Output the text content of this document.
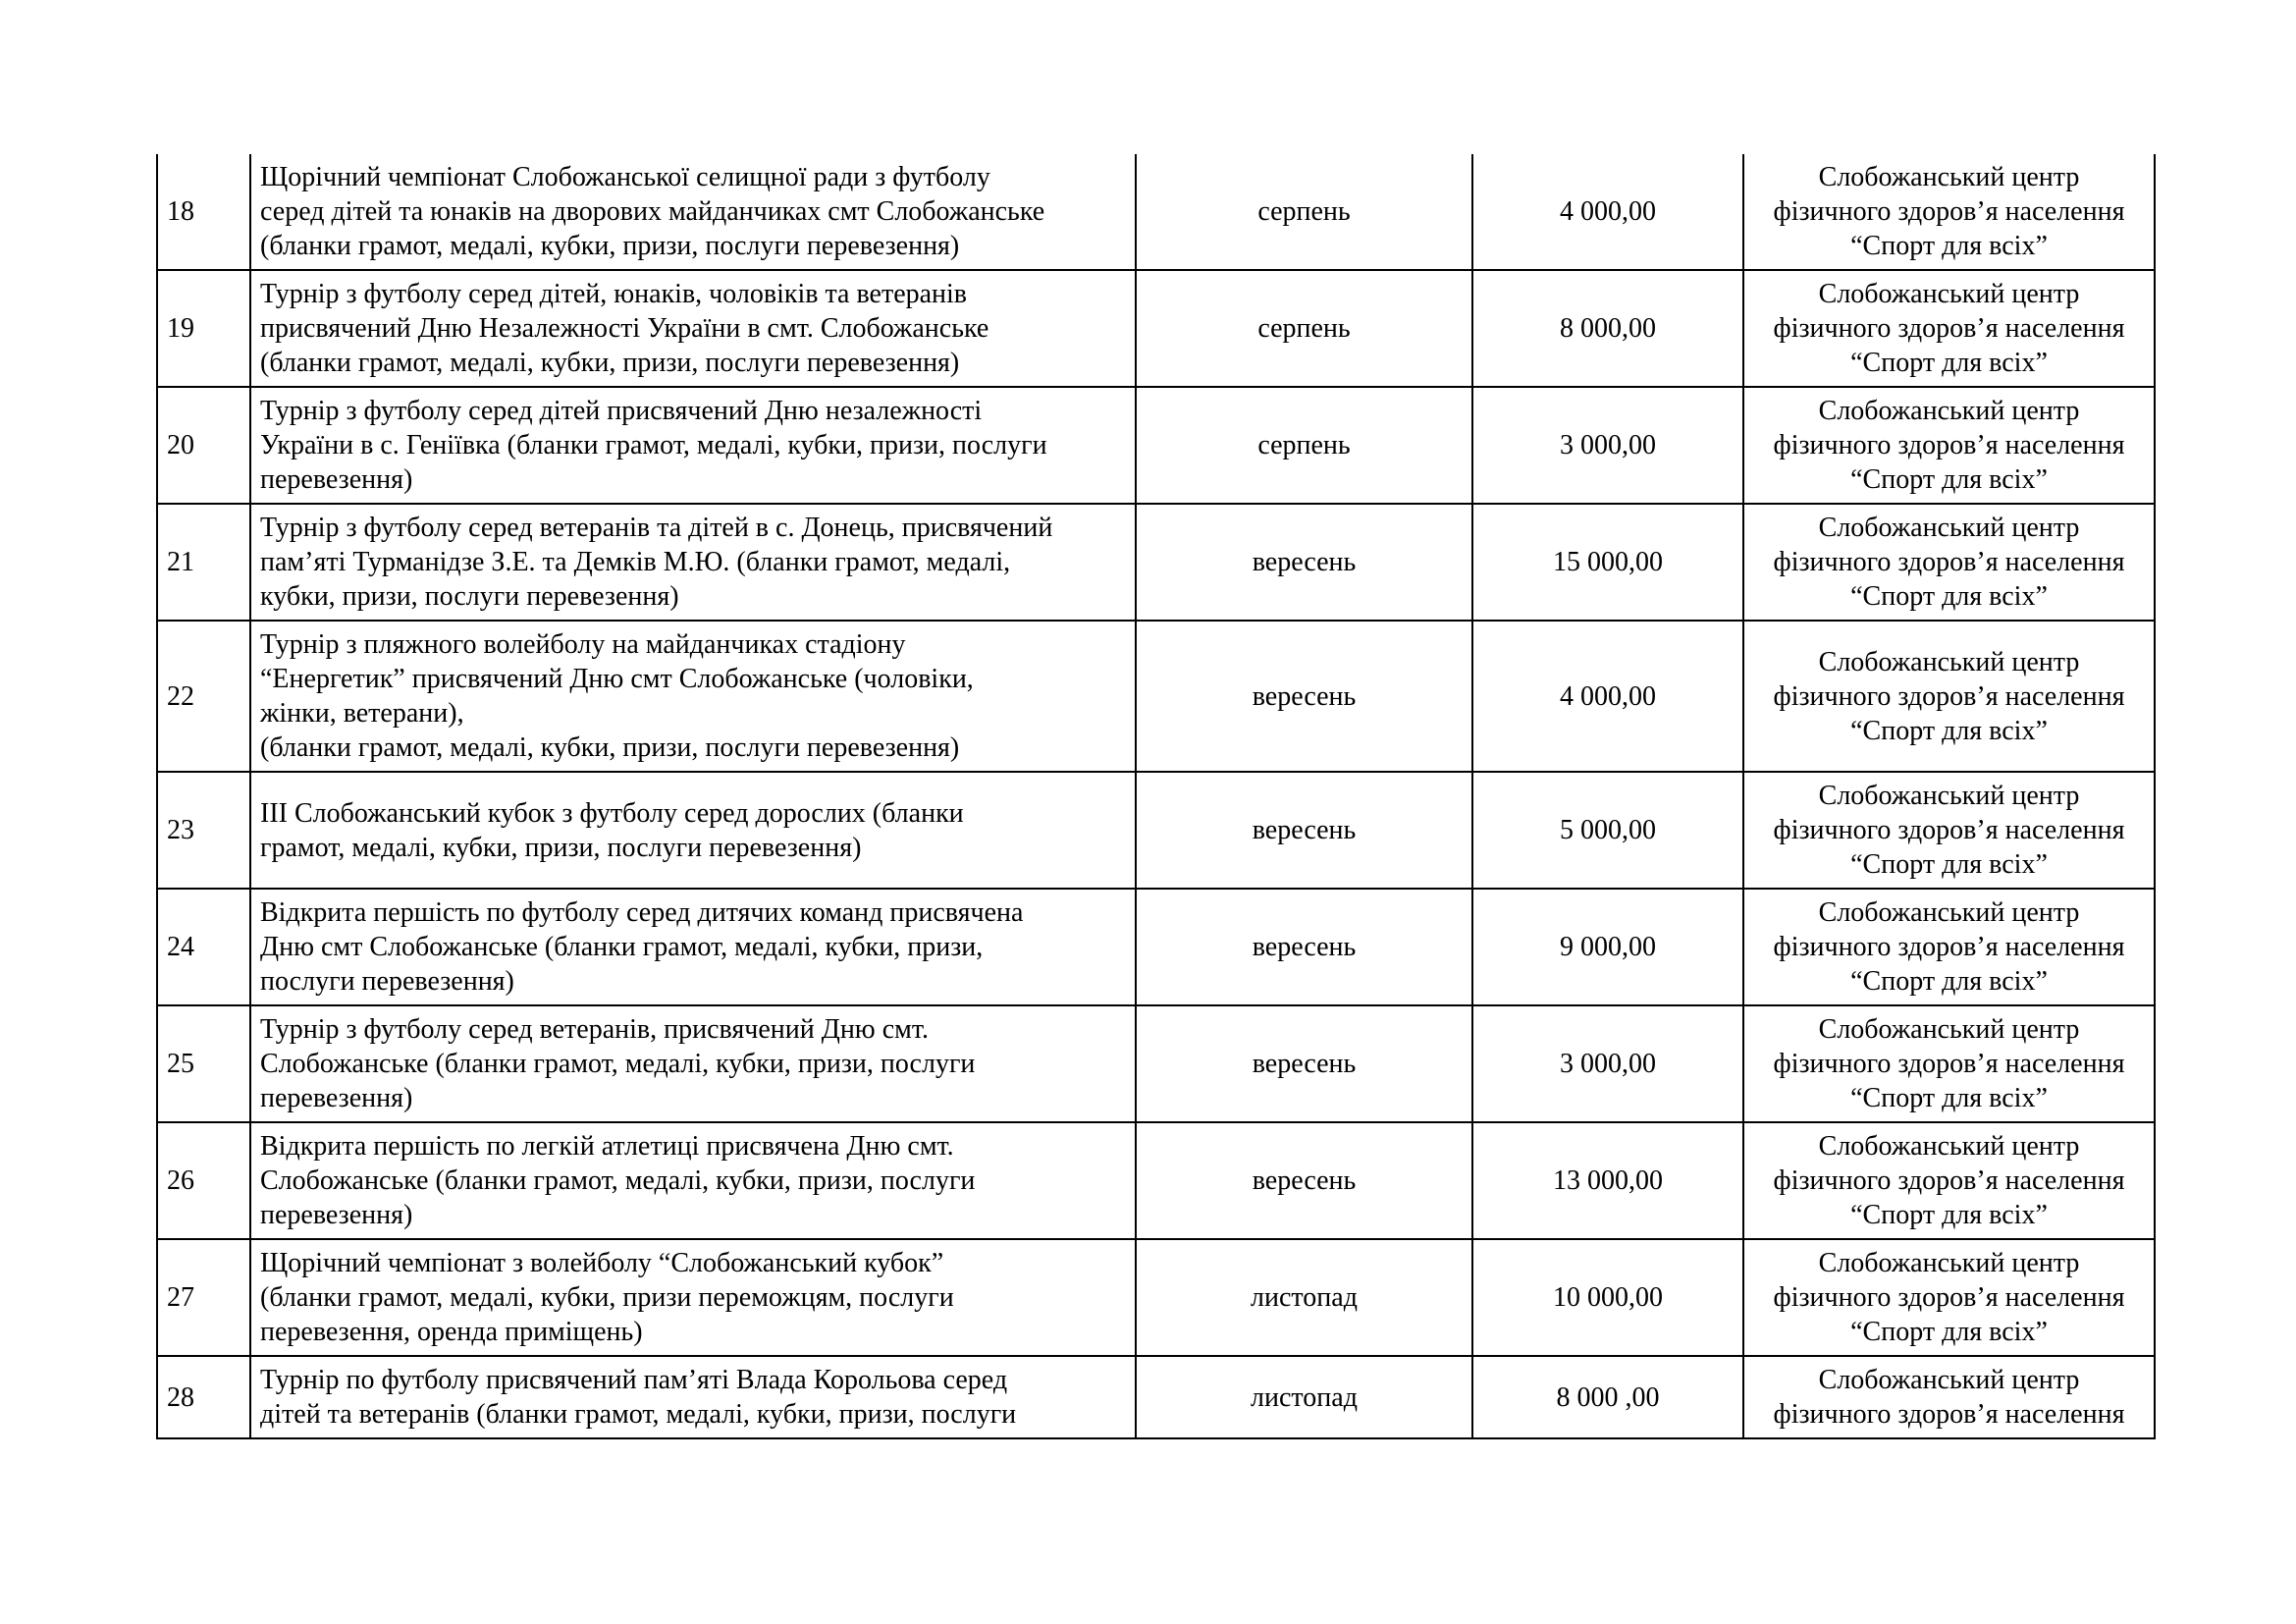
18	Щорічний чемпіонат Слобожанської селищної ради з футболу
серед дітей та юнаків на дворових майданчиках смт Слобожанське
(бланки грамот, медалі, кубки, призи, послуги перевезення)	серпень	4 000,00	Слобожанський центр
фізичного здоров’я населення
“Спорт для всіх”

19	Турнір з футболу серед дітей, юнаків, чоловіків та ветеранів
присвячений Дню Незалежності України в смт. Слобожанське
(бланки грамот, медалі, кубки, призи, послуги перевезення)	серпень	8 000,00	Слобожанський центр
фізичного здоров’я населення
“Спорт для всіх”

20	Турнір з футболу серед дітей присвячений Дню незалежності
України в с. Геніївка (бланки грамот, медалі, кубки, призи, послуги
перевезення)	серпень	3 000,00	Слобожанський центр
фізичного здоров’я населення
“Спорт для всіх”

21	Турнір з футболу серед ветеранів та дітей в с. Донець, присвячений
пам’яті Турманідзе З.Е. та Демків М.Ю. (бланки грамот, медалі,
кубки, призи, послуги перевезення)	вересень	15 000,00	Слобожанський центр
фізичного здоров’я населення
“Спорт для всіх”

22	Турнір з пляжного волейболу на майданчиках стадіону
“Енергетик” присвячений Дню смт Слобожанське (чоловіки,
жінки, ветерани),
(бланки грамот, медалі, кубки, призи, послуги перевезення)	вересень	4 000,00	Слобожанський центр
фізичного здоров’я населення
“Спорт для всіх”

23	ІІІ Слобожанський кубок з футболу серед дорослих (бланки
грамот, медалі, кубки, призи, послуги перевезення)	вересень	5 000,00	Слобожанський центр
фізичного здоров’я населення
“Спорт для всіх”

24	Відкрита першість по футболу серед дитячих команд присвячена
Дню смт Слобожанське (бланки грамот, медалі, кубки, призи,
послуги перевезення)	вересень	9 000,00	Слобожанський центр
фізичного здоров’я населення
“Спорт для всіх”

25	Турнір з футболу серед ветеранів, присвячений Дню смт.
Слобожанське (бланки грамот, медалі, кубки, призи, послуги
перевезення)	вересень	3 000,00	Слобожанський центр
фізичного здоров’я населення
“Спорт для всіх”

26	Відкрита першість по легкій атлетиці присвячена Дню смт.
Слобожанське (бланки грамот, медалі, кубки, призи, послуги
перевезення)	вересень	13 000,00	Слобожанський центр
фізичного здоров’я населення
“Спорт для всіх”

27	Щорічний чемпіонат з волейболу “Слобожанський кубок”
(бланки грамот, медалі, кубки, призи переможцям, послуги
перевезення, оренда приміщень)	листопад	10 000,00	Слобожанський центр
фізичного здоров’я населення
“Спорт для всіх”

28	Турнір по футболу присвячений пам’яті Влада Корольова серед
дітей та ветеранів (бланки грамот, медалі, кубки, призи, послуги	листопад	8 000 ,00	Слобожанський центр
фізичного здоров’я населення
